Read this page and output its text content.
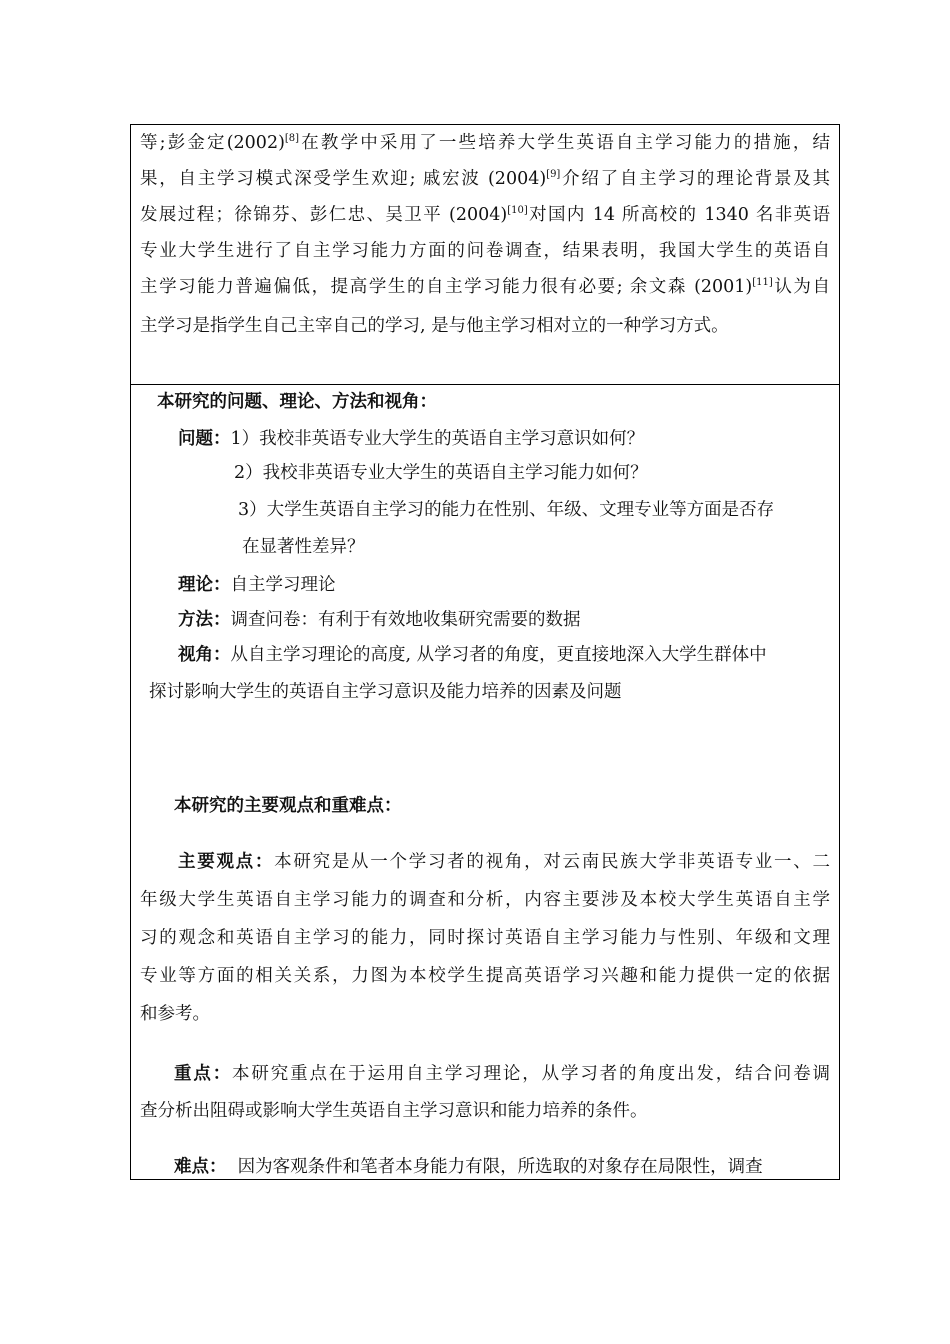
等;彭金定(2002)[8]在教学中采用了一些培养大学生英语自主学习能力的措施，结
果，自主学习模式深受学生欢迎; 戚宏波 (2004)[9]介绍了自主学习的理论背景及其
发展过程；徐锦芬、彭仁忠、吴卫平 (2004)[10]对国内 14 所高校的 1340 名非英语
专业大学生进行了自主学习能力方面的问卷调查，结果表明，我国大学生的英语自
主学习能力普遍偏低，提高学生的自主学习能力很有必要; 余文森 (2001)[11]认为自
主学习是指学生自己主宰自己的学习, 是与他主学习相对立的一种学习方式。
本研究的问题、理论、方法和视角：
问题：1）我校非英语专业大学生的英语自主学习意识如何？
2）我校非英语专业大学生的英语自主学习能力如何？
3）大学生英语自主学习的能力在性别、年级、文理专业等方面是否存
在显著性差异？
理论：自主学习理论
方法：调查问卷：有利于有效地收集研究需要的数据
视角：从自主学习理论的高度, 从学习者的角度，更直接地深入大学生群体中
探讨影响大学生的英语自主学习意识及能力培养的因素及问题
本研究的主要观点和重难点：
主要观点：本研究是从一个学习者的视角，对云南民族大学非英语专业一、二
年级大学生英语自主学习能力的调查和分析，内容主要涉及本校大学生英语自主学
习的观念和英语自主学习的能力，同时探讨英语自主学习能力与性别、年级和文理
专业等方面的相关关系，力图为本校学生提高英语学习兴趣和能力提供一定的依据
和参考。
重点：本研究重点在于运用自主学习理论，从学习者的角度出发，结合问卷调
查分析出阻碍或影响大学生英语自主学习意识和能力培养的条件。
难点：  因为客观条件和笔者本身能力有限，所选取的对象存在局限性，调查
